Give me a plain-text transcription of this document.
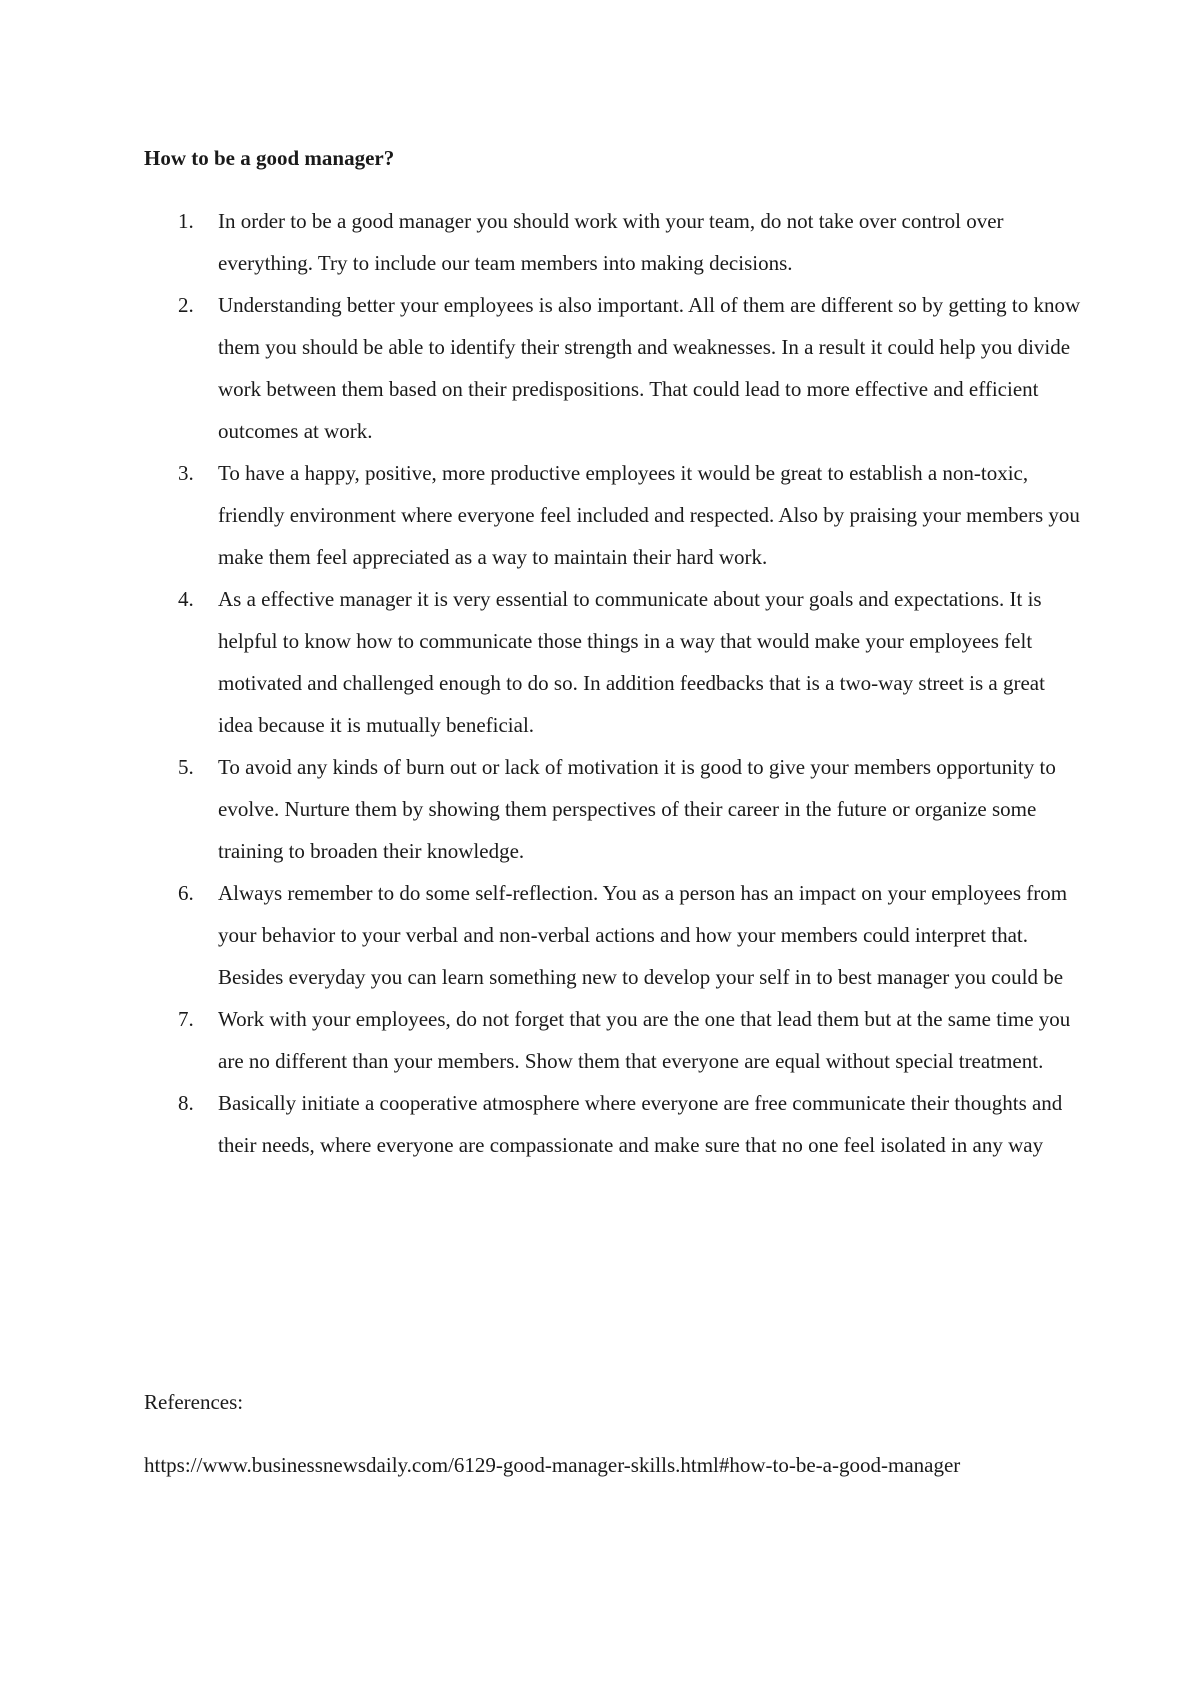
How to be a good manager?
1. In order to be a good manager you should work with your team, do not take over control over everything. Try to include our team members into making decisions.
2. Understanding better your employees is also important. All of them are different so by getting to know them you should be able to identify their strength and weaknesses. In a result it could help you divide work between them based on their predispositions. That could lead to more effective and efficient outcomes at work.
3. To have a happy, positive, more productive employees it would be great to establish a non-toxic, friendly environment where everyone feel included and respected. Also by praising your members you make them feel appreciated as a way to maintain their hard work.
4. As a effective manager it is very essential to communicate about your goals and expectations. It is helpful to know how to communicate those things in a way that would make your employees felt motivated and challenged enough to do so. In addition feedbacks that is a two-way street is a great idea because it is mutually beneficial.
5. To avoid any kinds of burn out or lack of motivation it is good to give your members opportunity to evolve. Nurture them by showing them perspectives of their career in the future or organize some training to broaden their knowledge.
6. Always remember to do some self-reflection. You as a person has an impact on your employees from your behavior to your verbal and non-verbal actions and how your members could interpret that. Besides everyday you can learn something new to develop your self in to best manager you could be
7. Work with your employees, do not forget that you are the one that lead them but at the same time you are no different than your members. Show them that everyone are equal without special treatment.
8. Basically initiate a cooperative atmosphere where everyone are free communicate their thoughts and their needs, where everyone are compassionate and make sure that no one feel isolated in any way

References:

https://www.businessnewsdaily.com/6129-good-manager-skills.html#how-to-be-a-good-manager
